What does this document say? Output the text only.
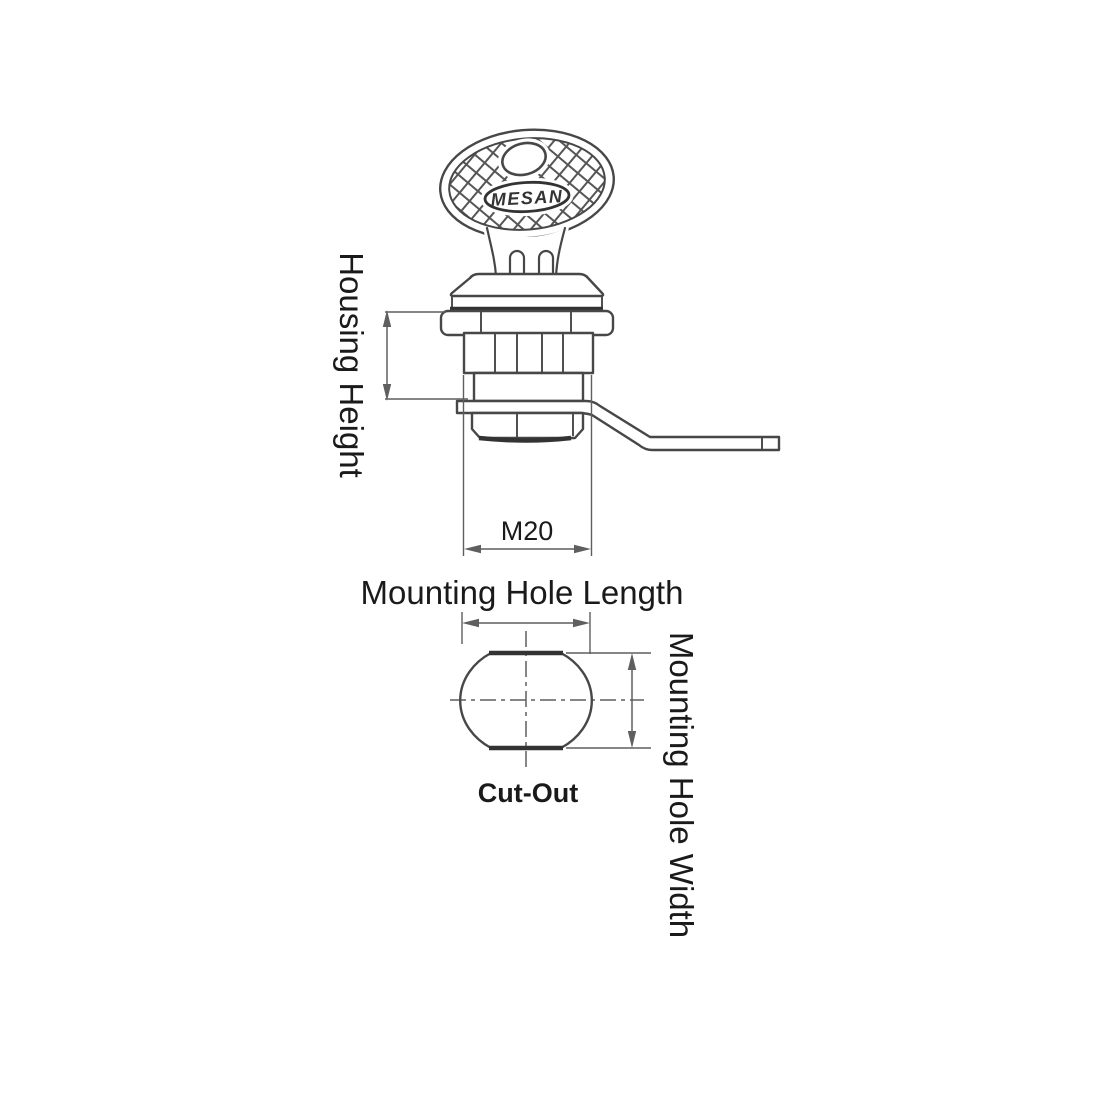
MESAN
Housing Height
M20
Mounting Hole Length
Cut-Out	Mounting Hole Width
